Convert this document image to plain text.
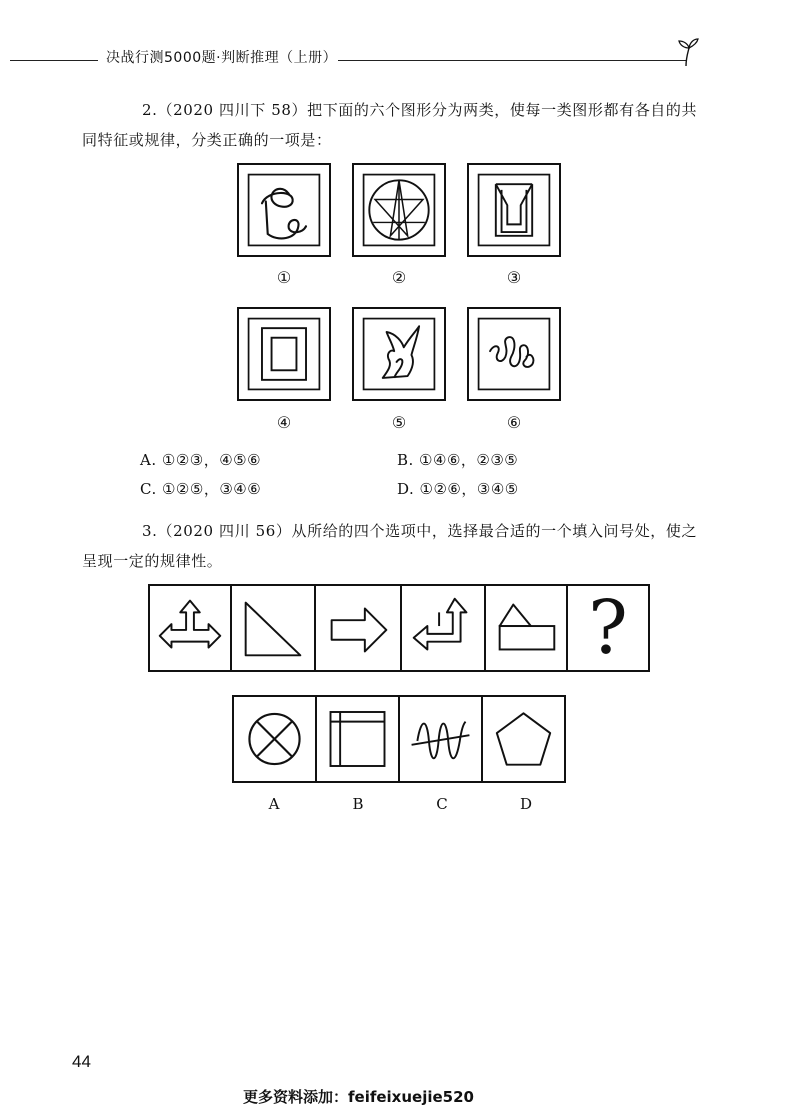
决战行测5000题·判断推理（上册）

2.（2020 四川下 58）把下面的六个图形分为两类，使每一类图形都有各自的共

同特征或规律，分类正确的一项是：

①	②	③
④	⑤	⑥
A. ①②③，④⑤⑥	B. ①④⑥，②③⑤
C. ①②⑤，③④⑥	D. ①②⑥，③④⑤

3.（2020 四川 56）从所给的四个选项中，选择最合适的一个填入问号处，使之

呈现一定的规律性。

?
A	B	C	D
44
更多资料添加：feifeixuejie520
